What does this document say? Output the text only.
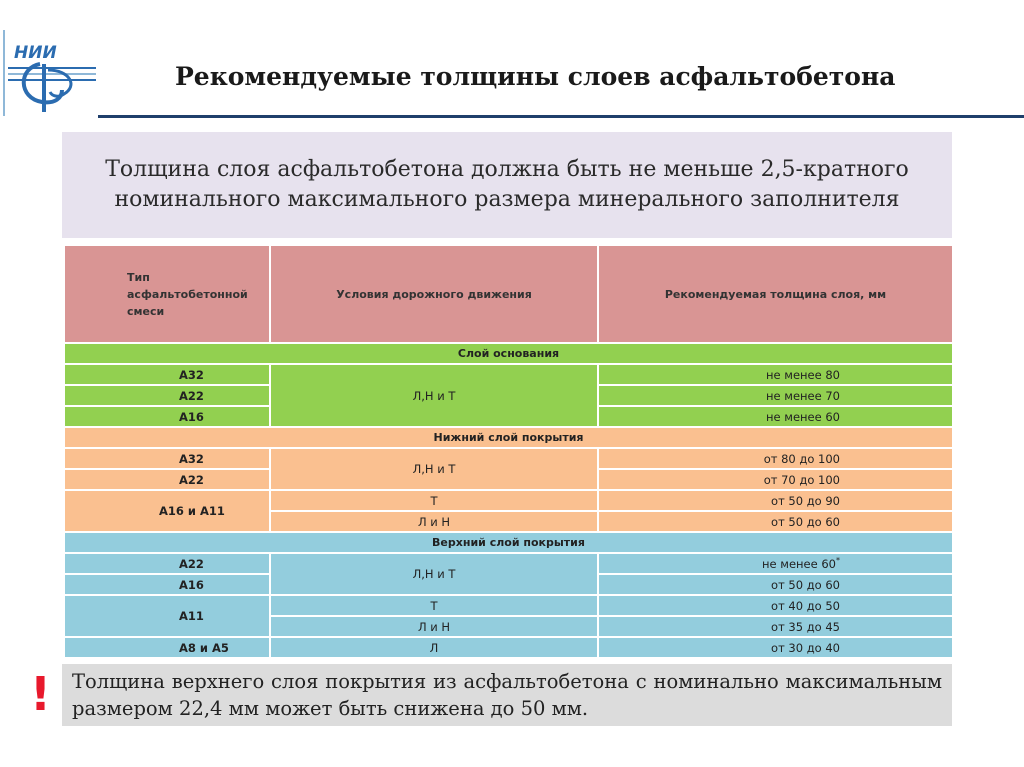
НИИ
Рекомендуемые толщины слоев асфальтобетона

Толщина слоя асфальтобетона должна быть не меньше 2,5-кратного номинального максимального размера минерального заполнителя

Тип асфальтобетонной смеси	Условия дорожного движения	Рекомендуемая толщина слоя, мм
Слой основания		
А32	Л,Н и Т	не менее 80
А22		не менее 70
А16		не менее 60
Нижний слой покрытия		
А32	Л,Н и Т	от 80 до 100
А22		от 70 до 100
А16 и А11	Т	от 50 до 90
	Л и Н	от 50 до 60
Верхний слой покрытия		
А22	Л,Н и Т	не менее 60*
А16		от 50 до 60
А11	Т	от 40 до 50
	Л и Н	от 35 до 45
А8 и А5	Л	от 30 до 40
! Толщина верхнего слоя покрытия из асфальтобетона с номинально максимальным размером 22,4 мм может быть снижена до 50 мм.
